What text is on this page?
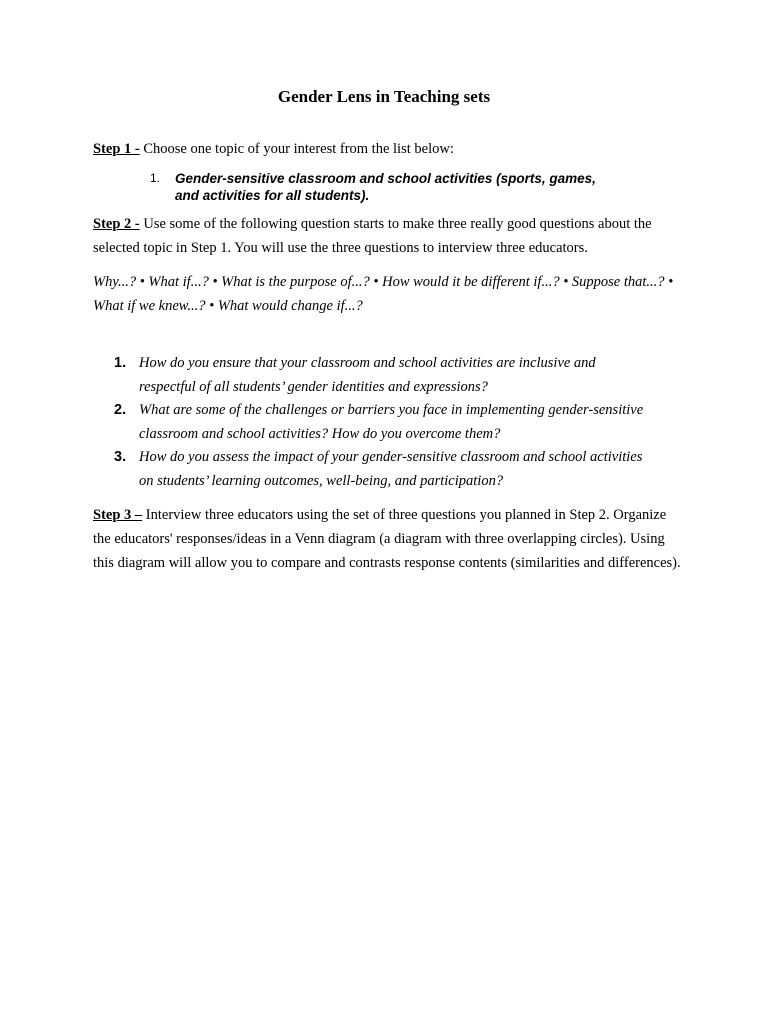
Gender Lens in Teaching sets
Step 1 - Choose one topic of your interest from the list below:
1.	Gender-sensitive classroom and school activities (sports, games, and activities for all students).
Step 2 - Use some of the following question starts to make three really good questions about the selected topic in Step 1. You will use the three questions to interview three educators.
Why...? • What if...? • What is the purpose of...? • How would it be different if...? • Suppose that...? • What if we knew...? • What would change if...?
1. How do you ensure that your classroom and school activities are inclusive and respectful of all students’ gender identities and expressions?
2. What are some of the challenges or barriers you face in implementing gender-sensitive classroom and school activities? How do you overcome them?
3. How do you assess the impact of your gender-sensitive classroom and school activities on students’ learning outcomes, well-being, and participation?
Step 3 – Interview three educators using the set of three questions you planned in Step 2. Organize the educators' responses/ideas in a Venn diagram (a diagram with three overlapping circles). Using this diagram will allow you to compare and contrasts response contents (similarities and differences).
